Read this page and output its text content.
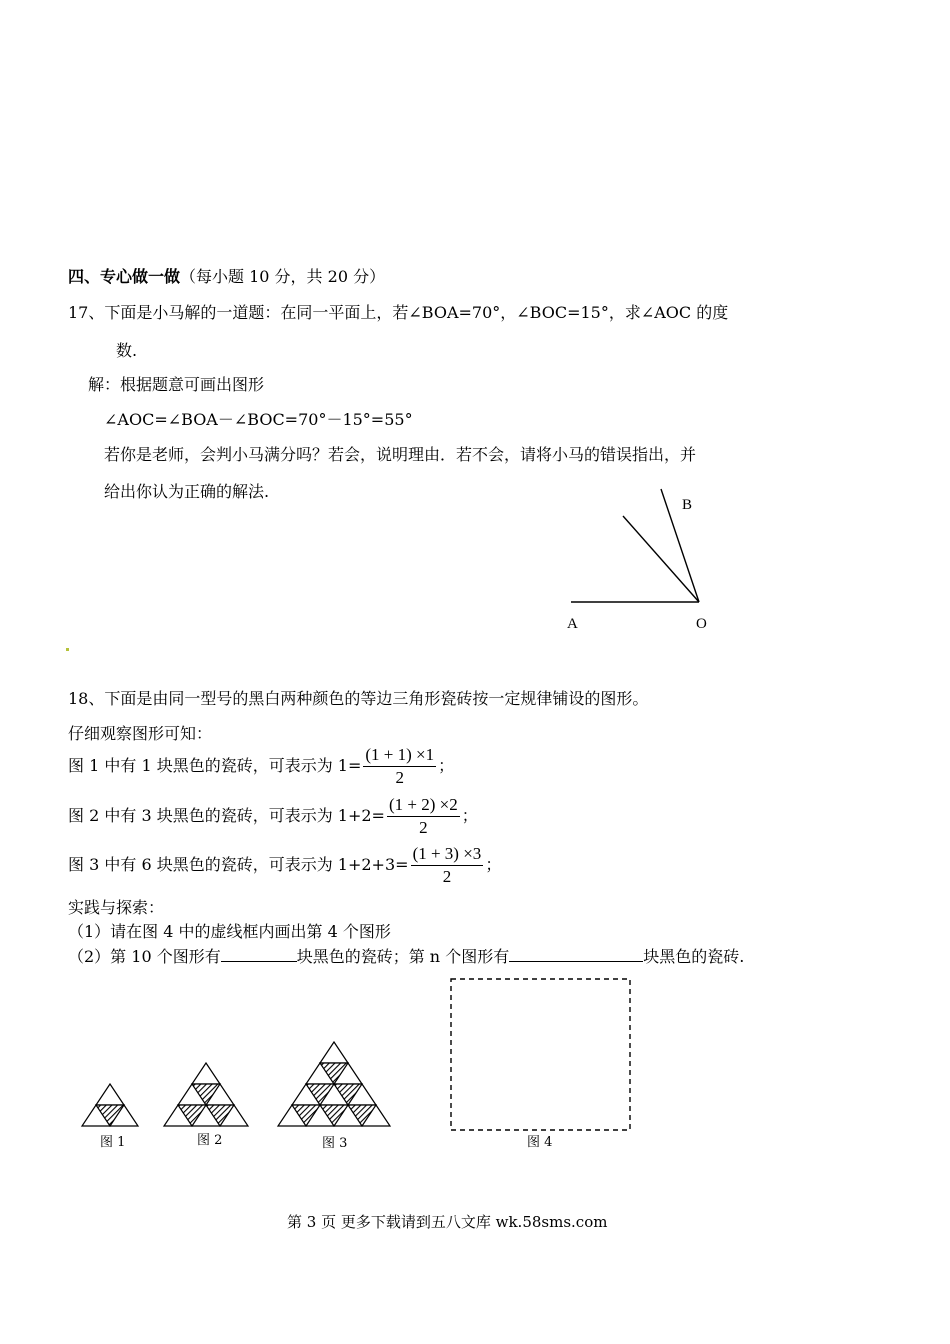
四、专心做一做（每小题 10 分，共 20 分）
17、下面是小马解的一道题：在同一平面上，若∠BOA=70°，∠BOC=15°，求∠AOC 的度
数.
解：根据题意可画出图形
∠AOC=∠BOA－∠BOC=70°－15°=55°
若你是老师，会判小马满分吗？若会，说明理由．若不会，请将小马的错误指出，并
给出你认为正确的解法.
B
A	O
18、下面是由同一型号的黑白两种颜色的等边三角形瓷砖按一定规律铺设的图形。
仔细观察图形可知：
图 1 中有 1 块黑色的瓷砖，可表示为 $1= \frac{(1 + 1) \times 1}{2}$ ；
图 2 中有 3 块黑色的瓷砖，可表示为 $1+2= \frac{(1 + 2) \times 2}{2}$ ；
图 3 中有 6 块黑色的瓷砖，可表示为 $1+2+3= \frac{(1 + 3) \times 3}{2}$ ；
实践与探索：
（1）请在图 4 中的虚线框内画出第 4 个图形
（2）第 10 个图形有	块黑色的瓷砖；第 n 个图形有	块黑色的瓷砖.
图 1	图 2	图 3	图 4
第 3 页 更多下载请到五八文库 wk.58sms.com
